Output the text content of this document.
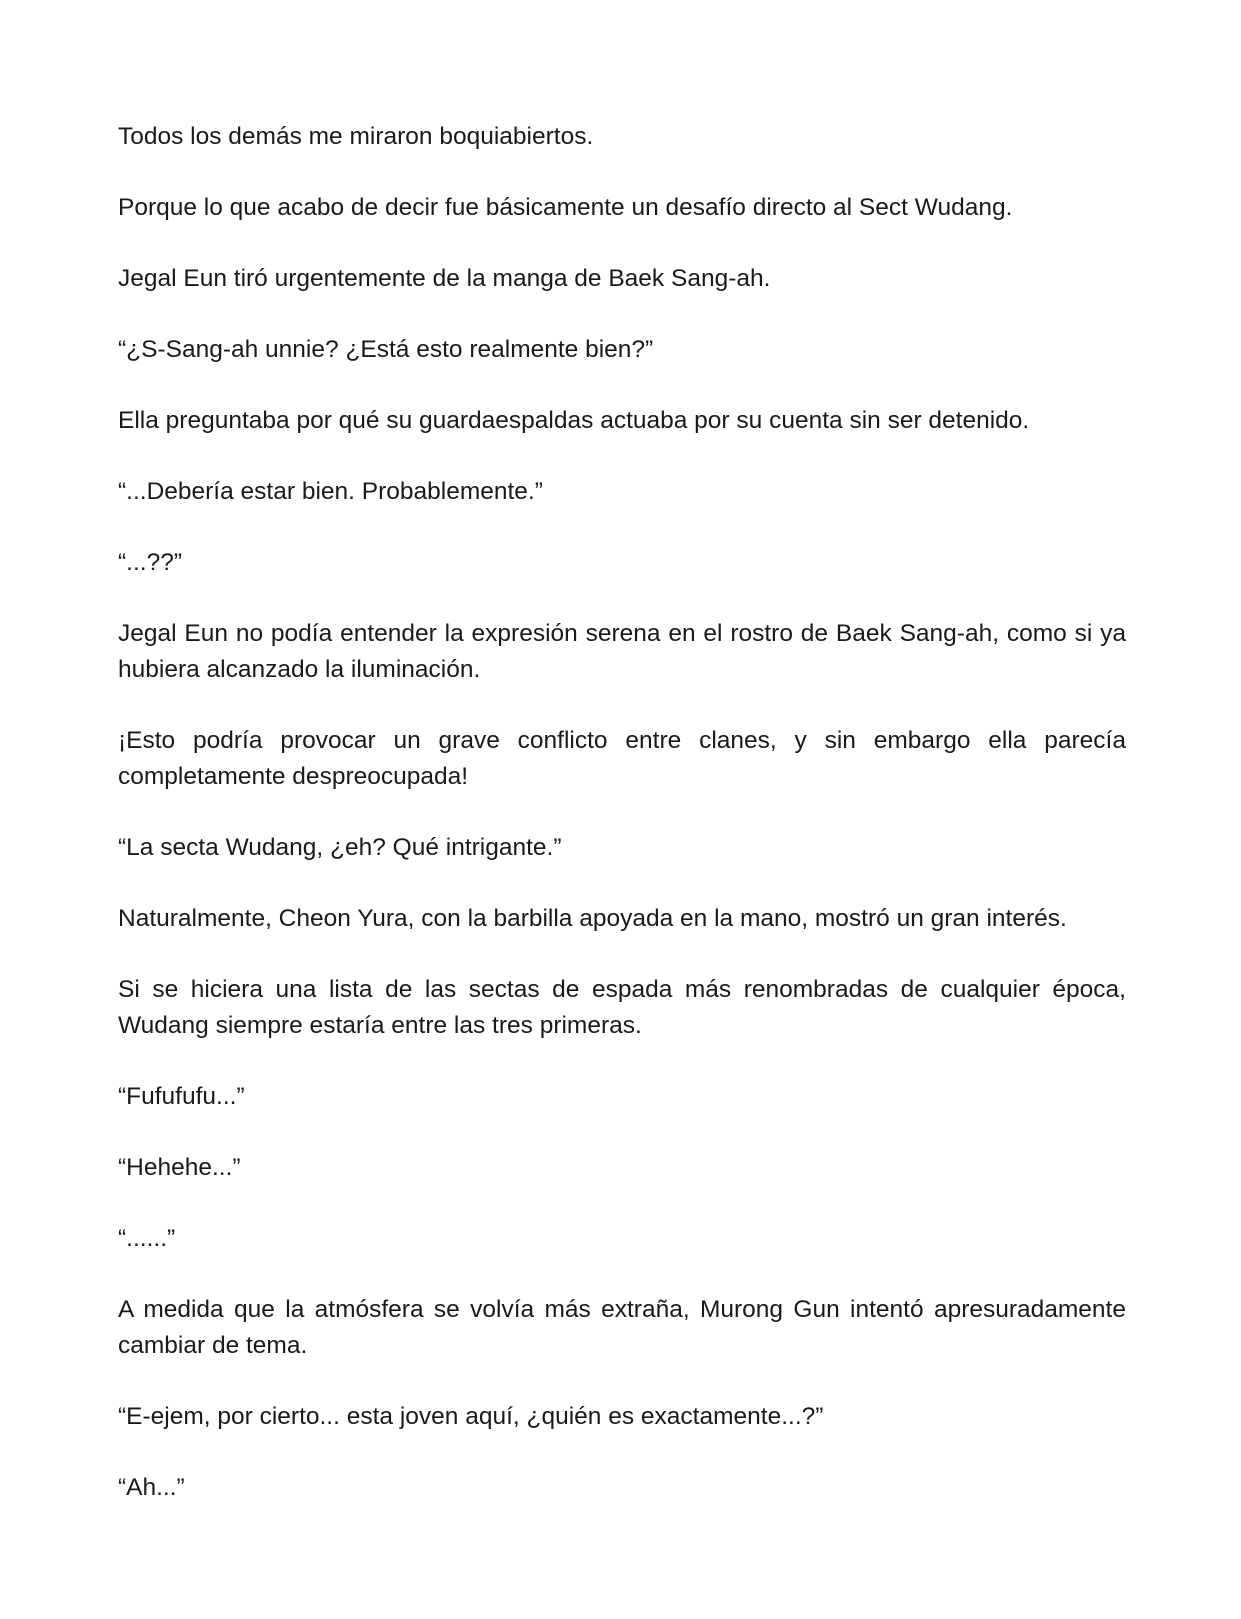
Todos los demás me miraron boquiabiertos.

Porque lo que acabo de decir fue básicamente un desafío directo al Sect Wudang.

Jegal Eun tiró urgentemente de la manga de Baek Sang-ah.

“¿S-Sang-ah unnie? ¿Está esto realmente bien?”

Ella preguntaba por qué su guardaespaldas actuaba por su cuenta sin ser detenido.

“...Debería estar bien. Probablemente.”

“...??”

Jegal Eun no podía entender la expresión serena en el rostro de Baek Sang-ah, como si ya hubiera alcanzado la iluminación.

¡Esto podría provocar un grave conflicto entre clanes, y sin embargo ella parecía completamente despreocupada!

“La secta Wudang, ¿eh? Qué intrigante.”

Naturalmente, Cheon Yura, con la barbilla apoyada en la mano, mostró un gran interés.

Si se hiciera una lista de las sectas de espada más renombradas de cualquier época, Wudang siempre estaría entre las tres primeras.

“Fufufufu...”

“Hehehe...”

“......”

A medida que la atmósfera se volvía más extraña, Murong Gun intentó apresuradamente cambiar de tema.

“E-ejem, por cierto... esta joven aquí, ¿quién es exactamente...?”

“Ah...”
